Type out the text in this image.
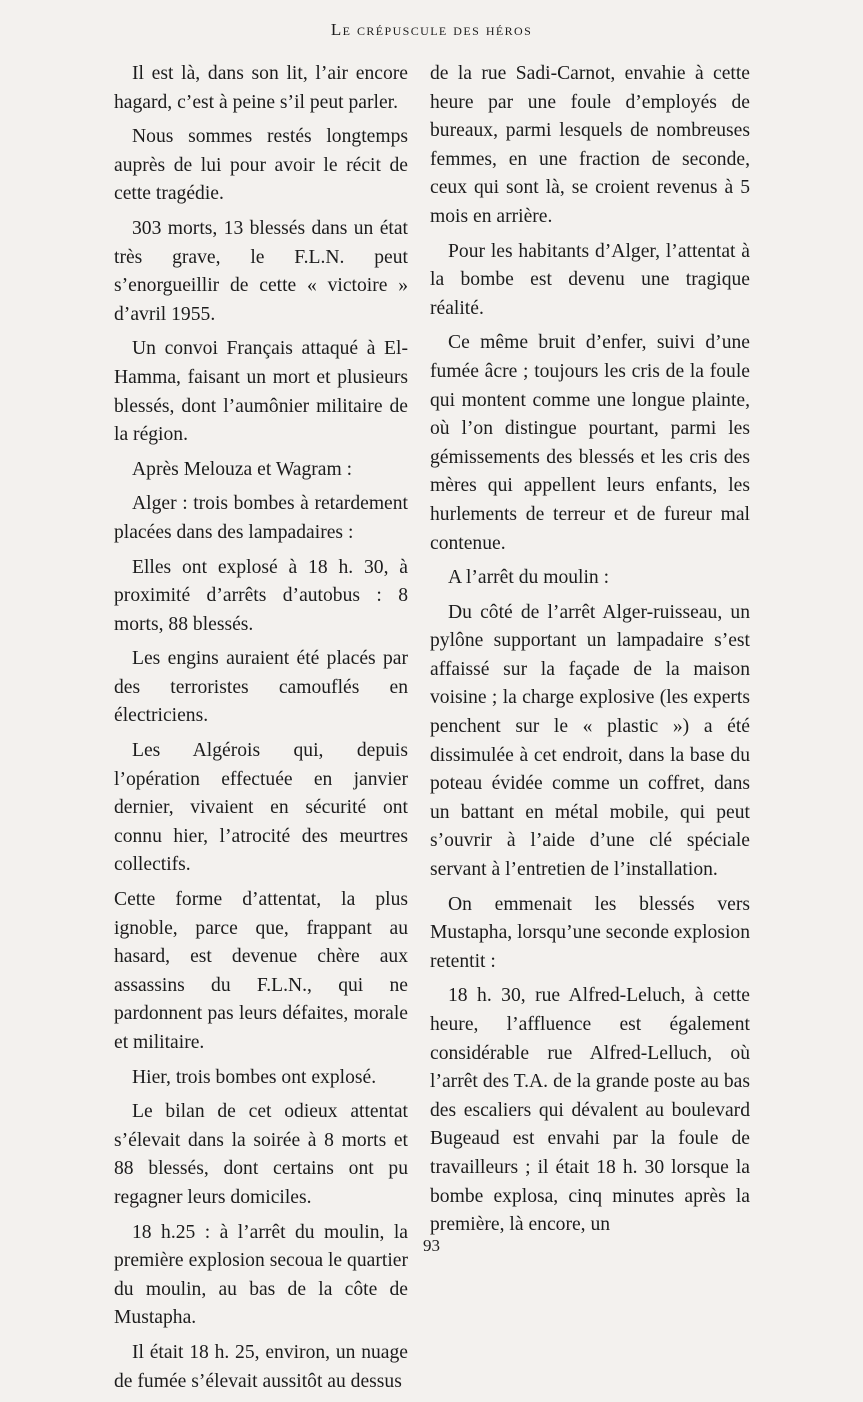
Le crépuscule des héros

Il est là, dans son lit, l’air encore hagard, c’est à peine s’il peut parler.

Nous sommes restés longtemps auprès de lui pour avoir le récit de cette tragédie.

303 morts, 13 blessés dans un état très grave, le F.L.N. peut s’enorgueillir de cette « victoire » d’avril 1955.

Un convoi Français attaqué à El-Hamma, faisant un mort et plusieurs blessés, dont l’aumônier militaire de la région.

Après Melouza et Wagram :

Alger : trois bombes à retardement placées dans des lampadaires :

Elles ont explosé à 18 h. 30, à proximité d’arrêts d’autobus : 8 morts, 88 blessés.

Les engins auraient été placés par des terroristes camouflés en électriciens.

Les Algérois qui, depuis l’opération effectuée en janvier dernier, vivaient en sécurité ont connu hier, l’atrocité des meurtres collectifs.

Cette forme d’attentat, la plus ignoble, parce que, frappant au hasard, est devenue chère aux assassins du F.L.N., qui ne pardonnent pas leurs défaites, morale et militaire.

Hier, trois bombes ont explosé.

Le bilan de cet odieux attentat s’élevait dans la soirée à 8 morts et 88 blessés, dont certains ont pu regagner leurs domiciles.

18 h.25 : à l’arrêt du moulin, la première explosion secoua le quartier du moulin, au bas de la côte de Mustapha.

Il était 18 h. 25, environ, un nuage de fumée s’élevait aussitôt au dessus

de la rue Sadi-Carnot, envahie à cette heure par une foule d’employés de bureaux, parmi lesquels de nombreuses femmes, en une fraction de seconde, ceux qui sont là, se croient revenus à 5 mois en arrière.

Pour les habitants d’Alger, l’attentat à la bombe est devenu une tragique réalité.

Ce même bruit d’enfer, suivi d’une fumée âcre ; toujours les cris de la foule qui montent comme une longue plainte, où l’on distingue pourtant, parmi les gémissements des blessés et les cris des mères qui appellent leurs enfants, les hurlements de terreur et de fureur mal contenue.

A l’arrêt du moulin :

Du côté de l’arrêt Alger-ruisseau, un pylône supportant un lampadaire s’est affaissé sur la façade de la maison voisine ; la charge explosive (les experts penchent sur le « plastic ») a été dissimulée à cet endroit, dans la base du poteau évidée comme un coffret, dans un battant en métal mobile, qui peut s’ouvrir à l’aide d’une clé spéciale servant à l’entretien de l’installation.

On emmenait les blessés vers Mustapha, lorsqu’une seconde explosion retentit :

18 h. 30, rue Alfred-Leluch, à cette heure, l’affluence est également considérable rue Alfred-Lelluch, où l’arrêt des T.A. de la grande poste au bas des escaliers qui dévalent au boulevard Bugeaud est envahi par la foule de travailleurs ; il était 18 h. 30 lorsque la bombe explosa, cinq minutes après la première, là encore, un

93
